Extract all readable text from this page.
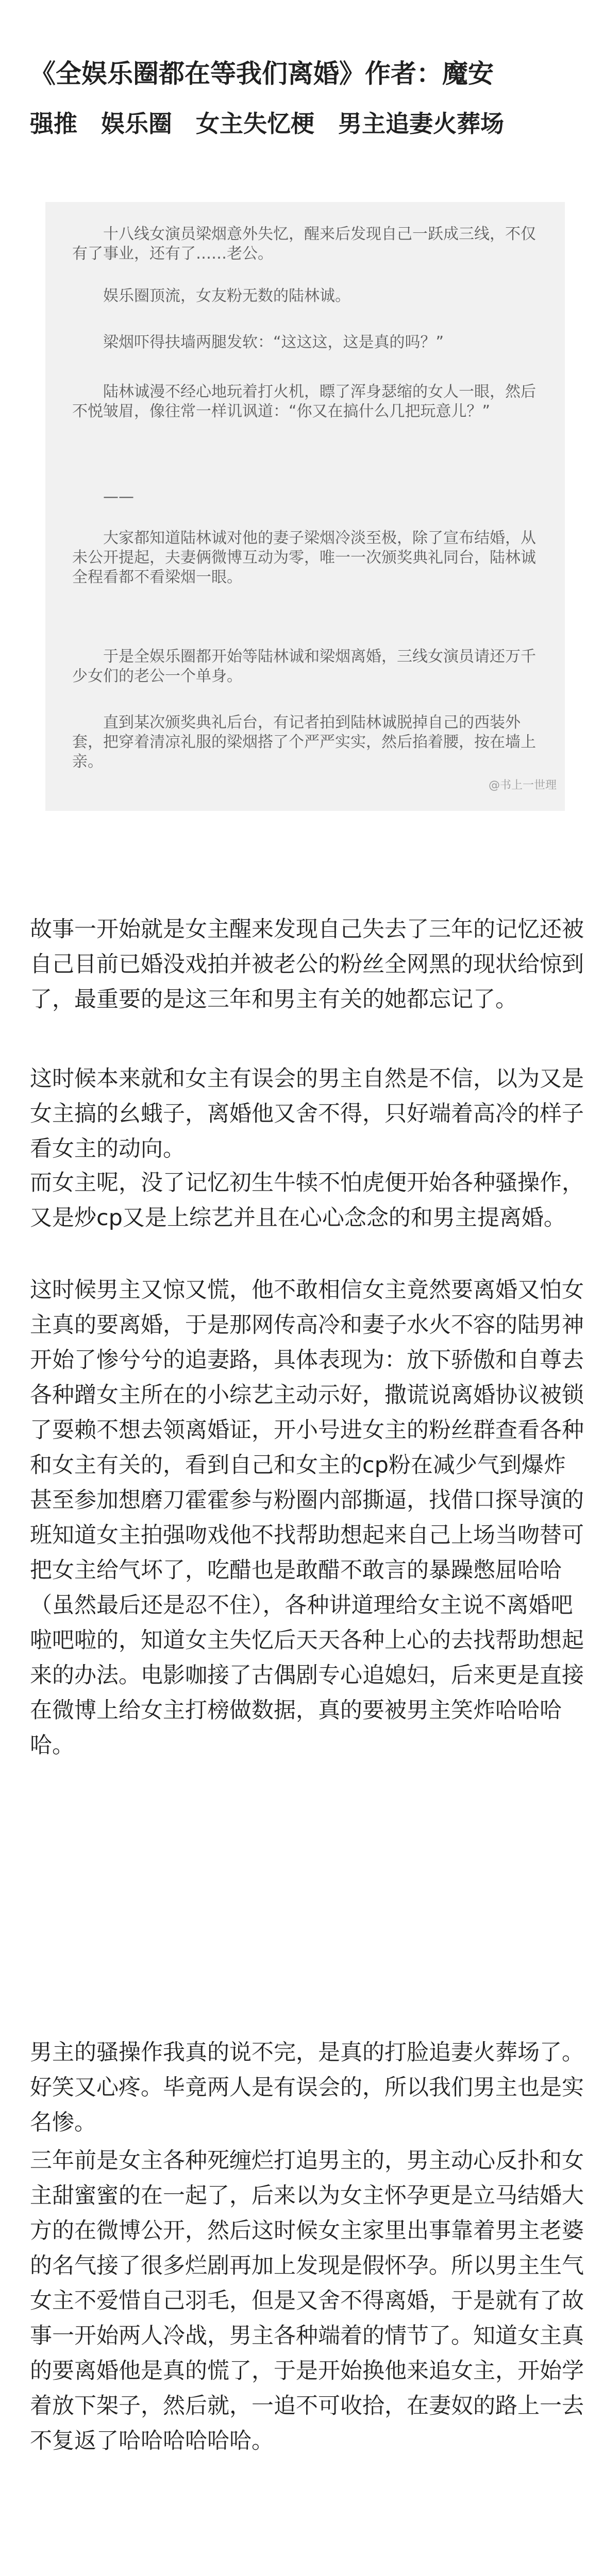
《全娱乐圈都在等我们离婚》作者：魔安
强推 娱乐圈 女主失忆梗 男主追妻火葬场

十八线女演员梁烟意外失忆，醒来后发现自己一跃成三线，不仅有了事业，还有了……老公。

娱乐圈顶流，女友粉无数的陆林诚。

梁烟吓得扶墙两腿发软：“这这这，这是真的吗？”

陆林诚漫不经心地玩着打火机，瞟了浑身瑟缩的女人一眼，然后不悦皱眉，像往常一样讥讽道：“你又在搞什么几把玩意儿？”

——

大家都知道陆林诚对他的妻子梁烟冷淡至极，除了宣布结婚，从未公开提起，夫妻俩微博互动为零，唯一一次颁奖典礼同台，陆林诚全程看都不看梁烟一眼。

于是全娱乐圈都开始等陆林诚和梁烟离婚，三线女演员请还万千少女们的老公一个单身。

直到某次颁奖典礼后台，有记者拍到陆林诚脱掉自己的西装外套，把穿着清凉礼服的梁烟搭了个严严实实，然后掐着腰，按在墙上亲。

@书上一世理

故事一开始就是女主醒来发现自己失去了三年的记忆还被自己目前已婚没戏拍并被老公的粉丝全网黑的现状给惊到了，最重要的是这三年和男主有关的她都忘记了。

这时候本来就和女主有误会的男主自然是不信，以为又是女主搞的幺蛾子，离婚他又舍不得，只好端着高冷的样子看女主的动向。

而女主呢，没了记忆初生牛犊不怕虎便开始各种骚操作，又是炒cp又是上综艺并且在心心念念的和男主提离婚。

这时候男主又惊又慌，他不敢相信女主竟然要离婚又怕女主真的要离婚，于是那网传高冷和妻子水火不容的陆男神开始了惨兮兮的追妻路，具体表现为：放下骄傲和自尊去各种蹭女主所在的小综艺主动示好，撒谎说离婚协议被锁了耍赖不想去领离婚证，开小号进女主的粉丝群查看各种和女主有关的，看到自己和女主的cp粉在减少气到爆炸甚至参加想磨刀霍霍参与粉圈内部撕逼，找借口探导演的班知道女主拍强吻戏他不找帮助想起来自己上场当吻替可把女主给气坏了，吃醋也是敢醋不敢言的暴躁憋屈哈哈（虽然最后还是忍不住），各种讲道理给女主说不离婚吧啦吧啦的，知道女主失忆后天天各种上心的去找帮助想起来的办法。电影咖接了古偶剧专心追媳妇，后来更是直接在微博上给女主打榜做数据，真的要被男主笑炸哈哈哈哈。

男主的骚操作我真的说不完，是真的打脸追妻火葬场了。好笑又心疼。毕竟两人是有误会的，所以我们男主也是实名惨。

三年前是女主各种死缠烂打追男主的，男主动心反扑和女主甜蜜蜜的在一起了，后来以为女主怀孕更是立马结婚大方的在微博公开，然后这时候女主家里出事靠着男主老婆的名气接了很多烂剧再加上发现是假怀孕。所以男主生气女主不爱惜自己羽毛，但是又舍不得离婚，于是就有了故事一开始两人冷战，男主各种端着的情节了。知道女主真的要离婚他是真的慌了，于是开始换他来追女主，开始学着放下架子，然后就，一追不可收拾，在妻奴的路上一去不复返了哈哈哈哈哈哈。
